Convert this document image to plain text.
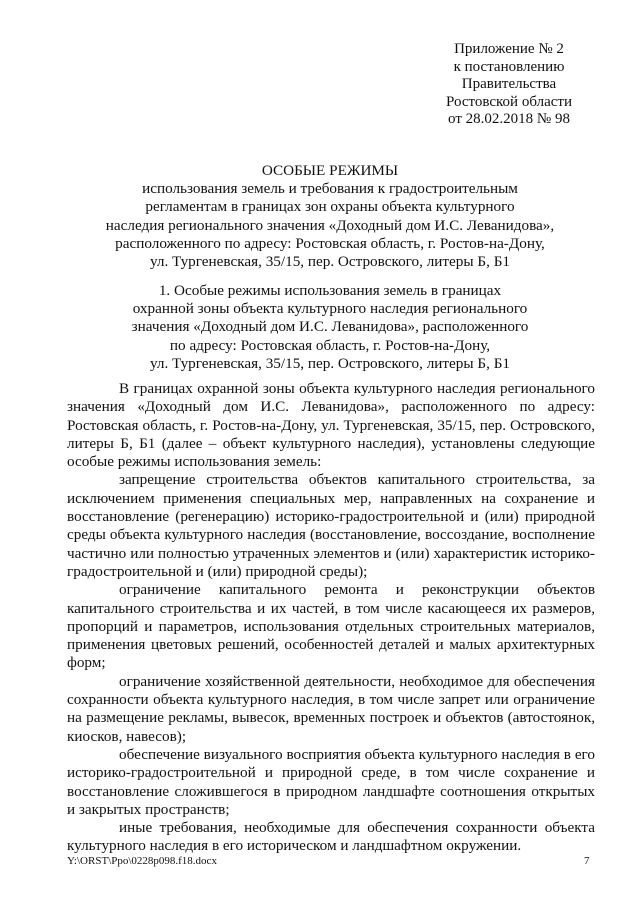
Приложение № 2
к постановлению
Правительства
Ростовской области
от 28.02.2018 № 98
ОСОБЫЕ РЕЖИМЫ
использования земель и требования к градостроительным
регламентам в границах зон охраны объекта культурного
наследия регионального значения «Доходный дом И.С. Леванидова»,
расположенного по адресу: Ростовская область, г. Ростов-на-Дону,
ул. Тургеневская, 35/15, пер. Островского, литеры Б, Б1
1. Особые режимы использования земель в границах
охранной зоны объекта культурного наследия регионального
значения «Доходный дом И.С. Леванидова», расположенного
по адресу: Ростовская область, г. Ростов-на-Дону,
ул. Тургеневская, 35/15, пер. Островского, литеры Б, Б1

В границах охранной зоны объекта культурного наследия регионального значения «Доходный дом И.С. Леванидова», расположенного по адресу: Ростовская область, г. Ростов-на-Дону, ул. Тургеневская, 35/15, пер. Островского, литеры Б, Б1 (далее – объект культурного наследия), установлены следующие особые режимы использования земель:

запрещение строительства объектов капитального строительства, за исключением применения специальных мер, направленных на сохранение и восстановление (регенерацию) историко-градостроительной и (или) природной среды объекта культурного наследия (восстановление, воссоздание, восполнение частично или полностью утраченных элементов и (или) характеристик историко-градостроительной и (или) природной среды);

ограничение капитального ремонта и реконструкции объектов капитального строительства и их частей, в том числе касающееся их размеров, пропорций и параметров, использования отдельных строительных материалов, применения цветовых решений, особенностей деталей и малых архитектурных форм;

ограничение хозяйственной деятельности, необходимое для обеспечения сохранности объекта культурного наследия, в том числе запрет или ограничение на размещение рекламы, вывесок, временных построек и объектов (автостоянок, киосков, навесов);

обеспечение визуального восприятия объекта культурного наследия в его историко-градостроительной и природной среде, в том числе сохранение и восстановление сложившегося в природном ландшафте соотношения открытых и закрытых пространств;

иные требования, необходимые для обеспечения сохранности объекта культурного наследия в его историческом и ландшафтном окружении.

Y:\ORST\Ppo\0228p098.f18.docx	7
